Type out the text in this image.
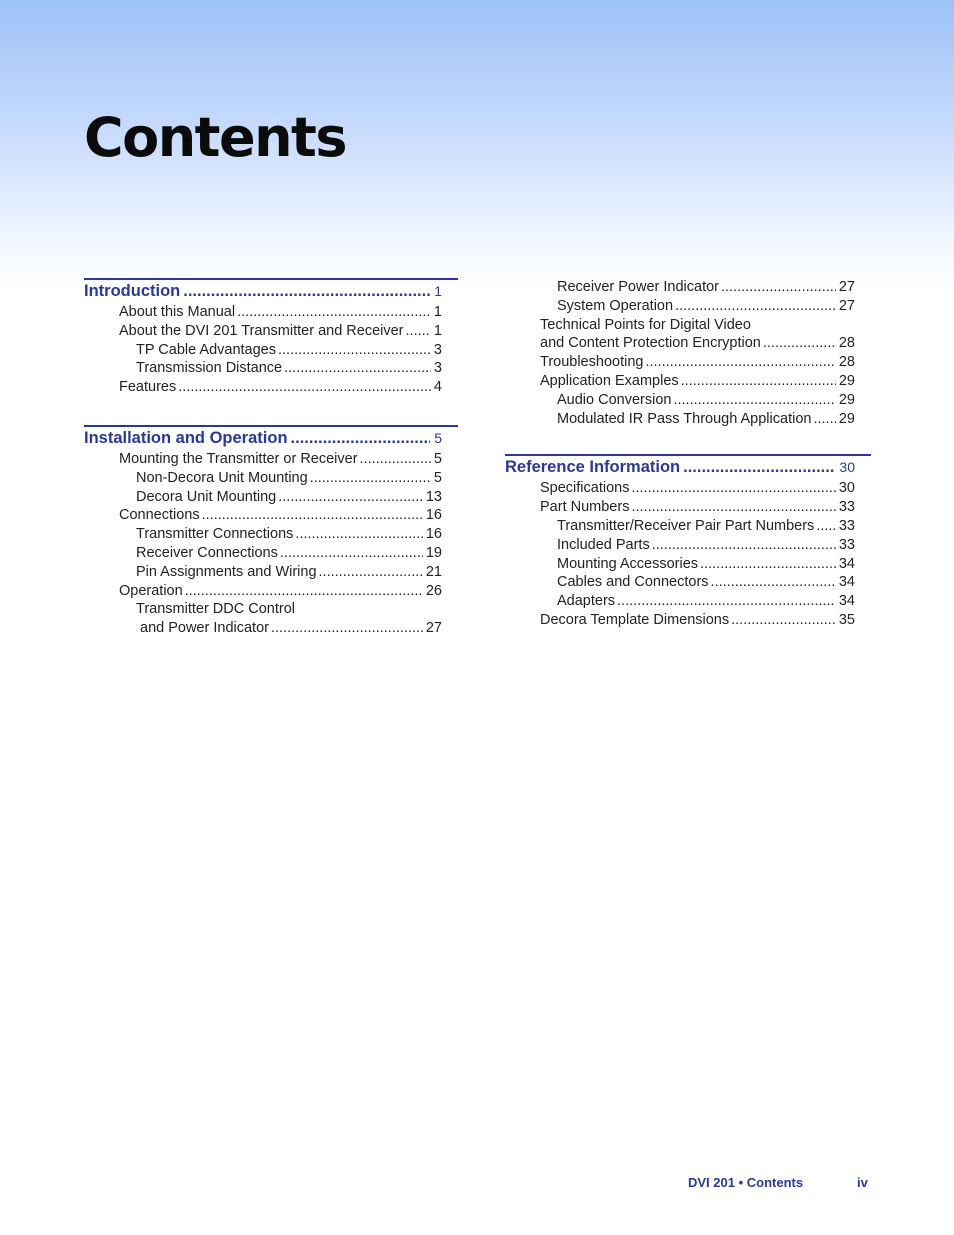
Contents
Introduction .....	1
About this Manual .....	1
About the DVI 201 Transmitter and Receiver ..... 1
TP Cable Advantages .....	3
Transmission Distance .....	3
Features .....	4
Installation and Operation .....	5
Mounting the Transmitter or Receiver .....	5
Non-Decora Unit Mounting .....	5
Decora Unit Mounting .....	13
Connections .....	16
Transmitter Connections .....	16
Receiver Connections .....	19
Pin Assignments and Wiring .....	21
Operation .....	26
Transmitter DDC Control
and Power Indicator .....	27
Receiver Power Indicator .....	27
System Operation .....	27
Technical Points for Digital Video
and Content Protection Encryption .....	28
Troubleshooting .....	28
Application Examples .....	29
Audio Conversion .....	29
Modulated IR Pass Through Application ..... 29
Reference Information .....	30
Specifications .....	30
Part Numbers .....	33
Transmitter/Receiver Pair Part Numbers ..... 33
Included Parts .....	33
Mounting Accessories .....	34
Cables and Connectors .....	34
Adapters .....	34
Decora Template Dimensions .....	35
DVI 201 • Contents	iv
